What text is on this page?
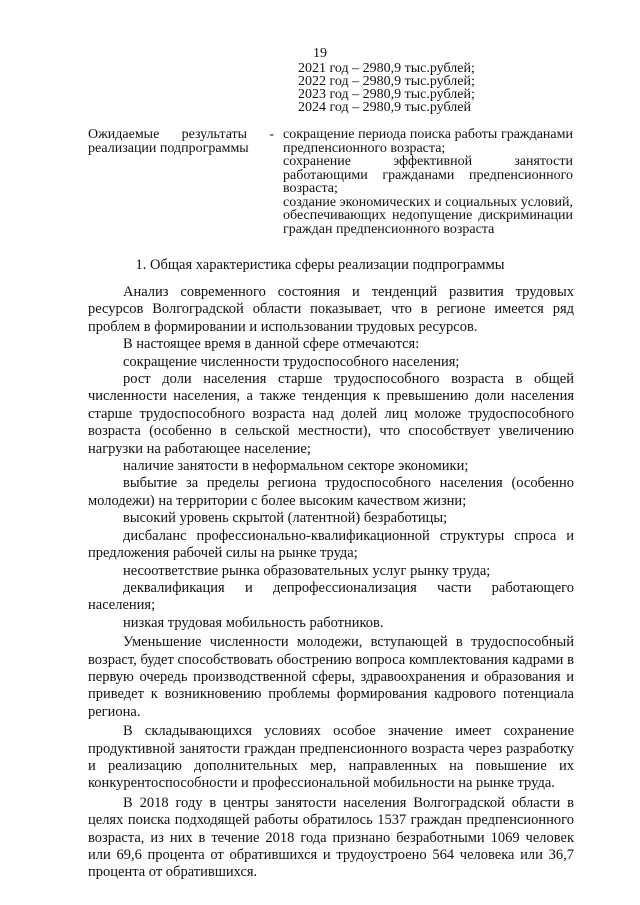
19
2021 год – 2980,9 тыс.рублей;
2022 год – 2980,9 тыс.рублей;
2023 год – 2980,9 тыс.рублей;
2024 год – 2980,9 тыс.рублей
Ожидаемые результаты -
реализации подпрограммы

сокращение периода поиска работы гражданами предпенсионного возраста;

сохранение эффективной занятости работающими гражданами предпенсионного возраста;

создание экономических и социальных условий, обеспечивающих недопущение дискриминации граждан предпенсионного возраста

1. Общая характеристика сферы реализации подпрограммы

Анализ современного состояния и тенденций развития трудовых ресурсов Волгоградской области показывает, что в регионе имеется ряд проблем в формировании и использовании трудовых ресурсов.

В настоящее время в данной сфере отмечаются:

сокращение численности трудоспособного населения;

рост доли населения старше трудоспособного возраста в общей численности населения, а также тенденция к превышению доли населения старше трудоспособного возраста над долей лиц моложе трудоспособного возраста (особенно в сельской местности), что способствует увеличению нагрузки на работающее население;

наличие занятости в неформальном секторе экономики;

выбытие за пределы региона трудоспособного населения (особенно молодежи) на территории с более высоким качеством жизни;

высокий уровень скрытой (латентной) безработицы;

дисбаланс профессионально-квалификационной структуры спроса и предложения рабочей силы на рынке труда;

несоответствие рынка образовательных услуг рынку труда;

деквалификация и депрофессионализация части работающего населения;

низкая трудовая мобильность работников.

Уменьшение численности молодежи, вступающей в трудоспособный возраст, будет способствовать обострению вопроса комплектования кадрами в первую очередь производственной сферы, здравоохранения и образования и приведет к возникновению проблемы формирования кадрового потенциала региона.

В складывающихся условиях особое значение имеет сохранение продуктивной занятости граждан предпенсионного возраста через разработку и реализацию дополнительных мер, направленных на повышение их конкурентоспособности и профессиональной мобильности на рынке труда.

В 2018 году в центры занятости населения Волгоградской области в целях поиска подходящей работы обратилось 1537 граждан предпенсионного возраста, из них в течение 2018 года признано безработными 1069 человек или 69,6 процента от обратившихся и трудоустроено 564 человека или 36,7 процента от обратившихся.
